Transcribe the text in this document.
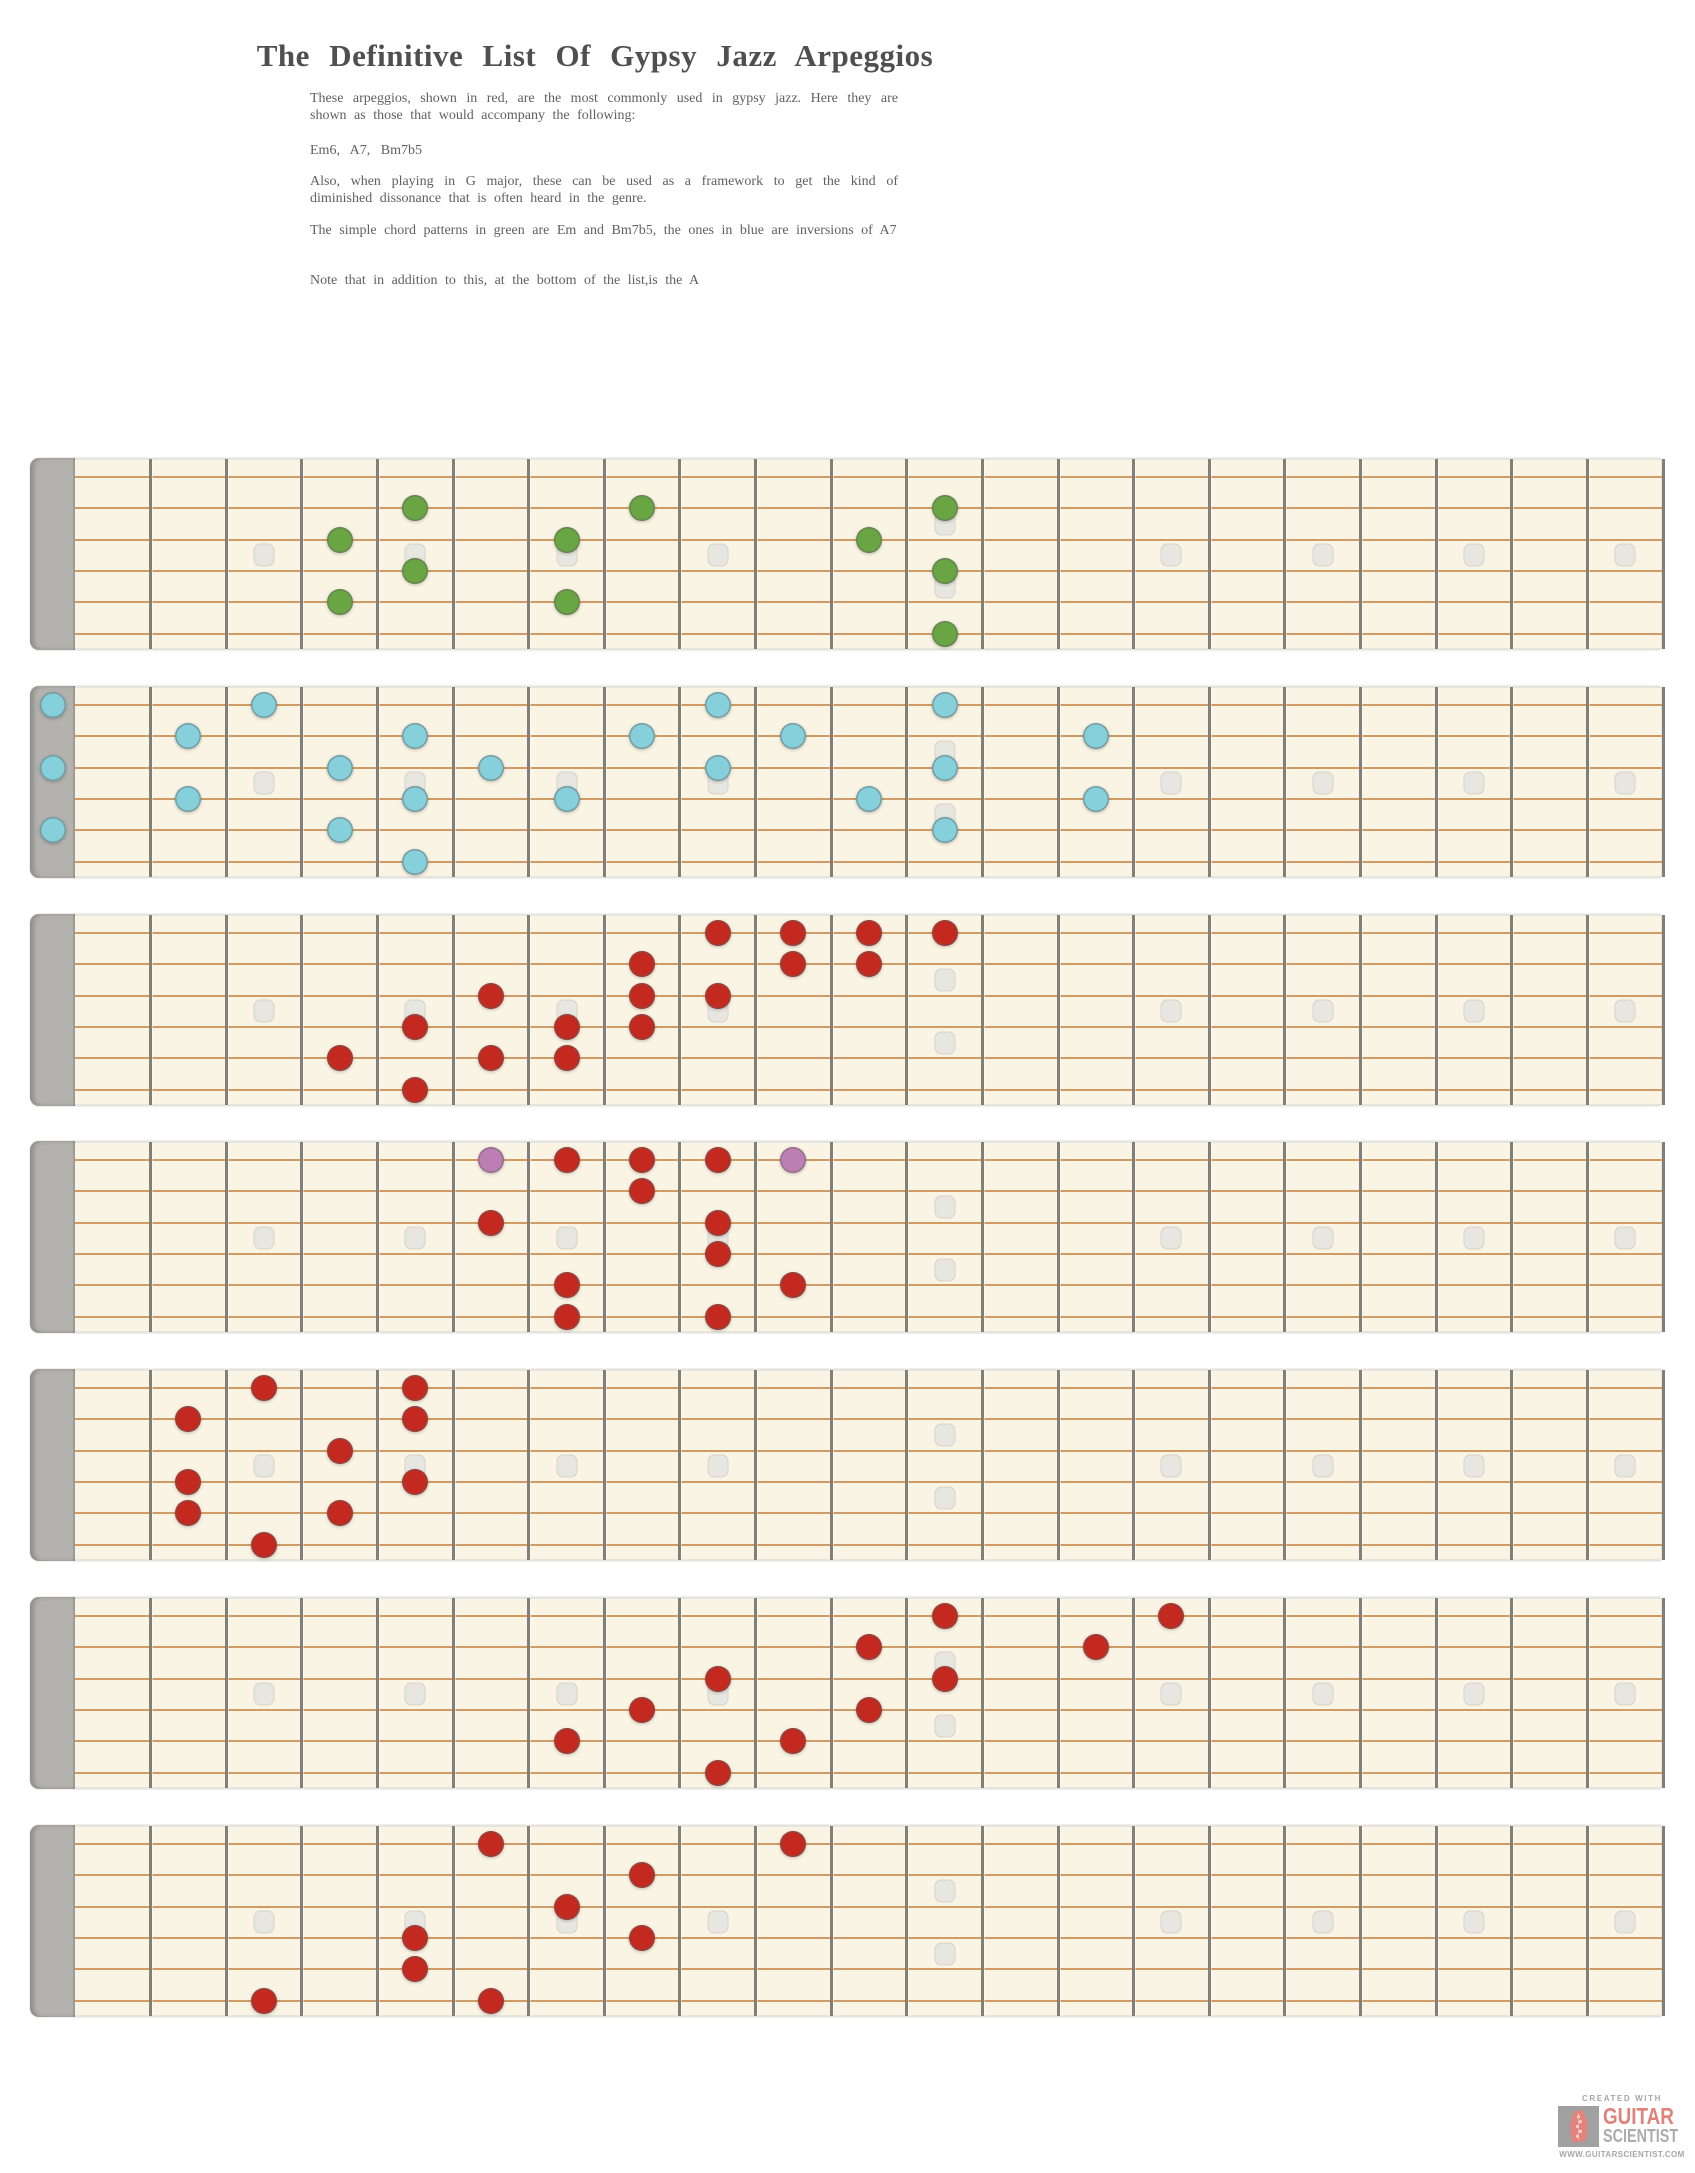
The Definitive List Of Gypsy Jazz Arpeggios
These arpeggios, shown in red, are the most commonly used in gypsy jazz. Here they are shown as those that would accompany the following:
Em6, A7, Bm7b5
Also, when playing in G major, these can be used as a framework to get the kind of diminished dissonance that is often heard in the genre.
The simple chord patterns in green are Em and Bm7b5, the ones in blue are inversions of A7
Note that in addition to this, at the bottom of the list,is the A
CREATED WITH
GUITAR
SCIENTIST
WWW.GUITARSCIENTIST.COM
